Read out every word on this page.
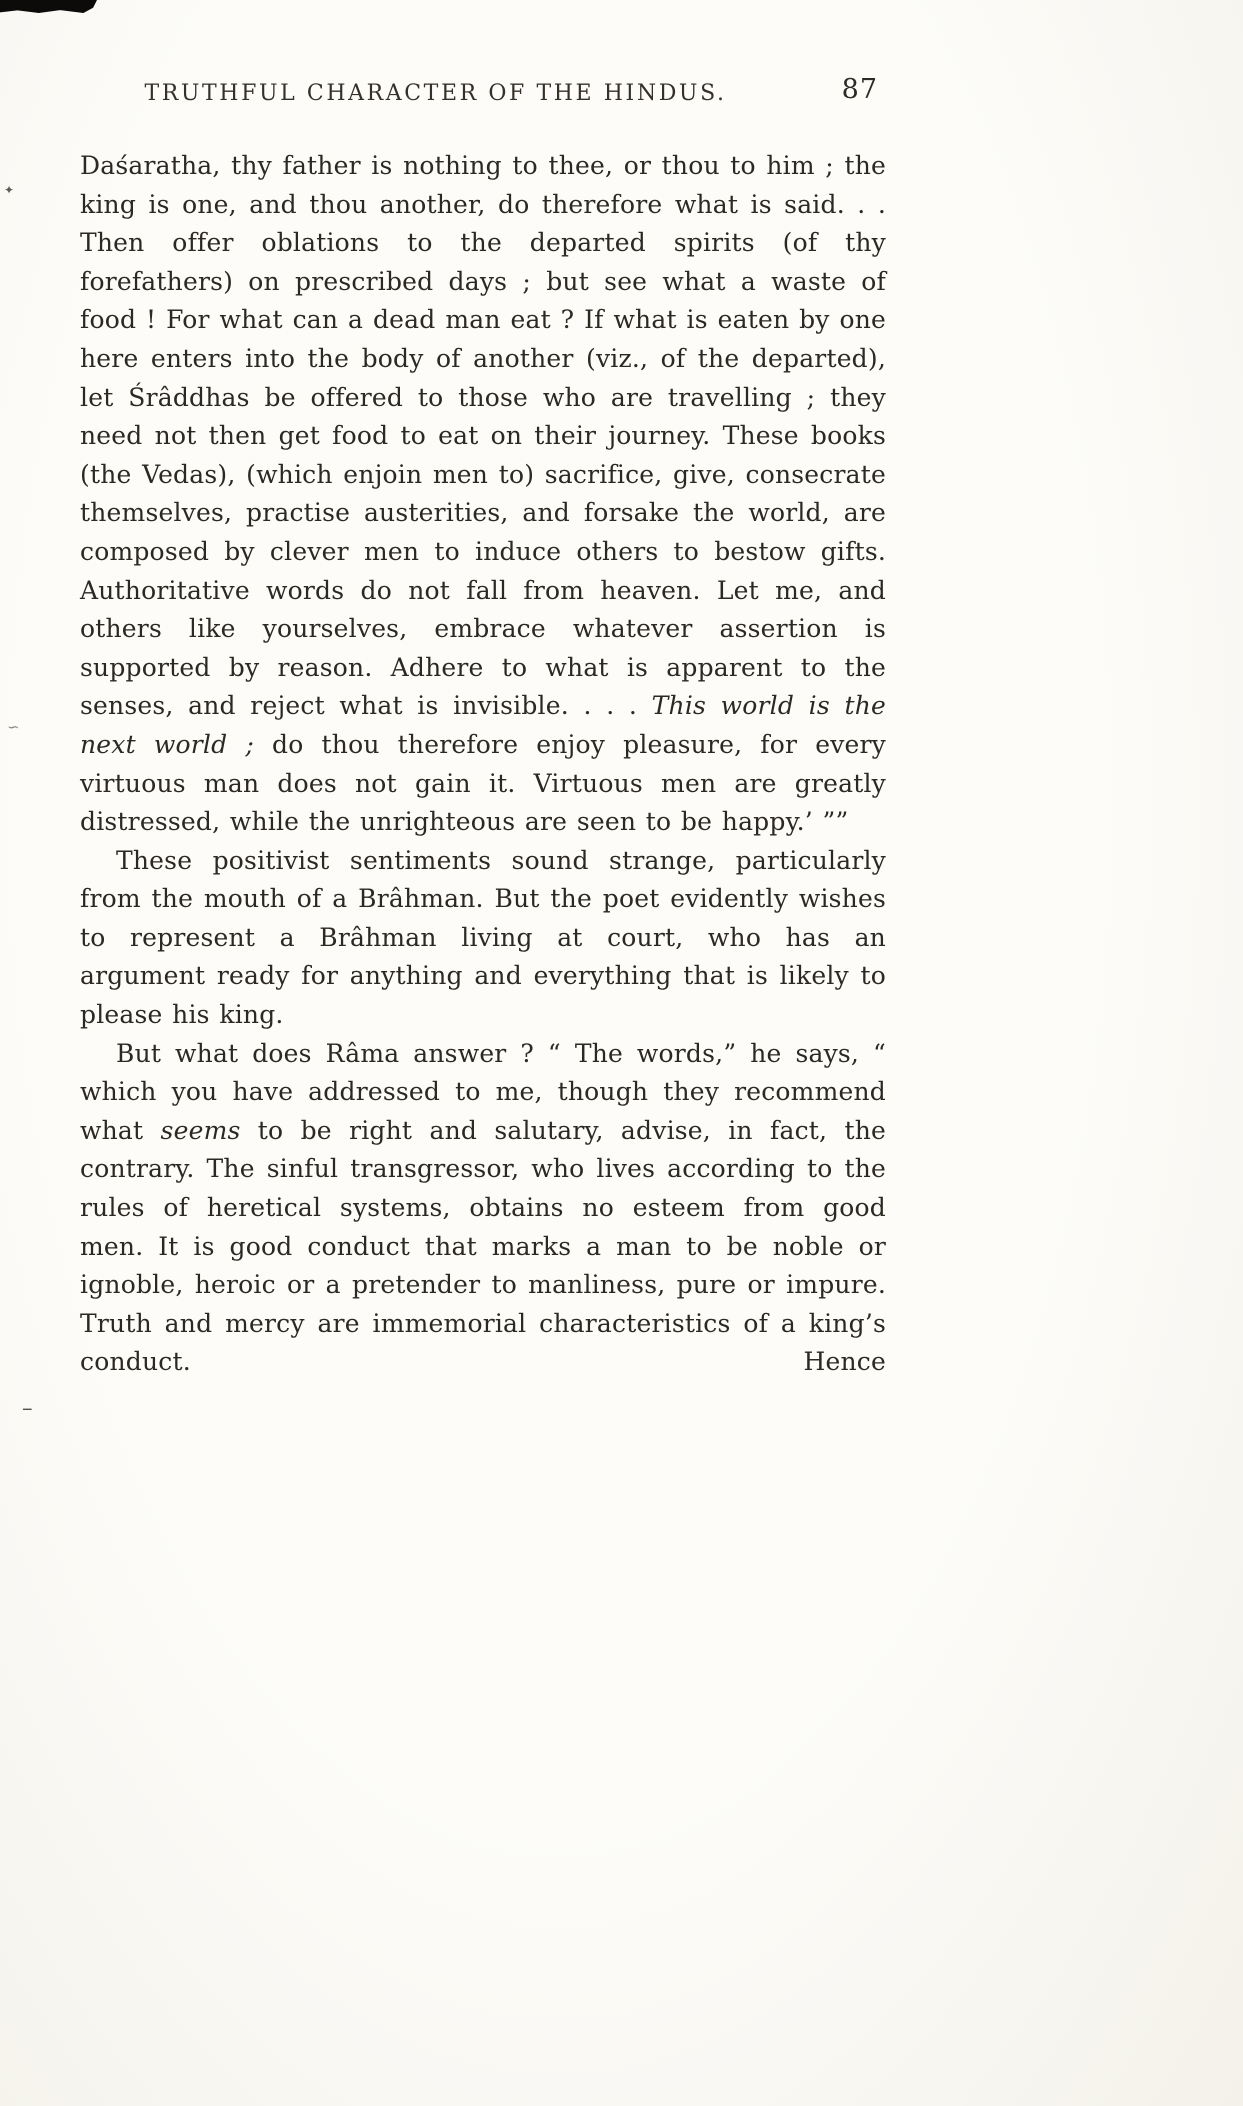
✦
∽
–
TRUTHFUL CHARACTER OF THE HINDUS.	87

Daśaratha, thy father is nothing to thee, or thou to him ; the king is one, and thou another, do therefore what is said. . . Then offer oblations to the departed spirits (of thy forefathers) on prescribed days ; but see what a waste of food ! For what can a dead man eat ? If what is eaten by one here enters into the body of another (viz., of the departed), let Śrâddhas be offered to those who are travelling ; they need not then get food to eat on their journey. These books (the Vedas), (which enjoin men to) sacrifice, give, consecrate themselves, practise austerities, and forsake the world, are composed by clever men to induce others to bestow gifts. Authoritative words do not fall from heaven. Let me, and others like yourselves, embrace whatever assertion is supported by reason. Adhere to what is apparent to the senses, and reject what is invisible. . . . This world is the next world ; do thou therefore enjoy pleasure, for every virtuous man does not gain it. Virtuous men are greatly distressed, while the unrighteous are seen to be happy.’ ””

These positivist sentiments sound strange, particularly from the mouth of a Brâhman. But the poet evidently wishes to represent a Brâhman living at court, who has an argument ready for anything and everything that is likely to please his king.

But what does Râma answer ? “ The words,” he says, “ which you have addressed to me, though they recommend what seems to be right and salutary, advise, in fact, the contrary. The sinful transgressor, who lives according to the rules of heretical systems, obtains no esteem from good men. It is good conduct that marks a man to be noble or ignoble, heroic or a pretender to manliness, pure or impure. Truth and mercy are immemorial characteristics of a king’s conduct. Hence
